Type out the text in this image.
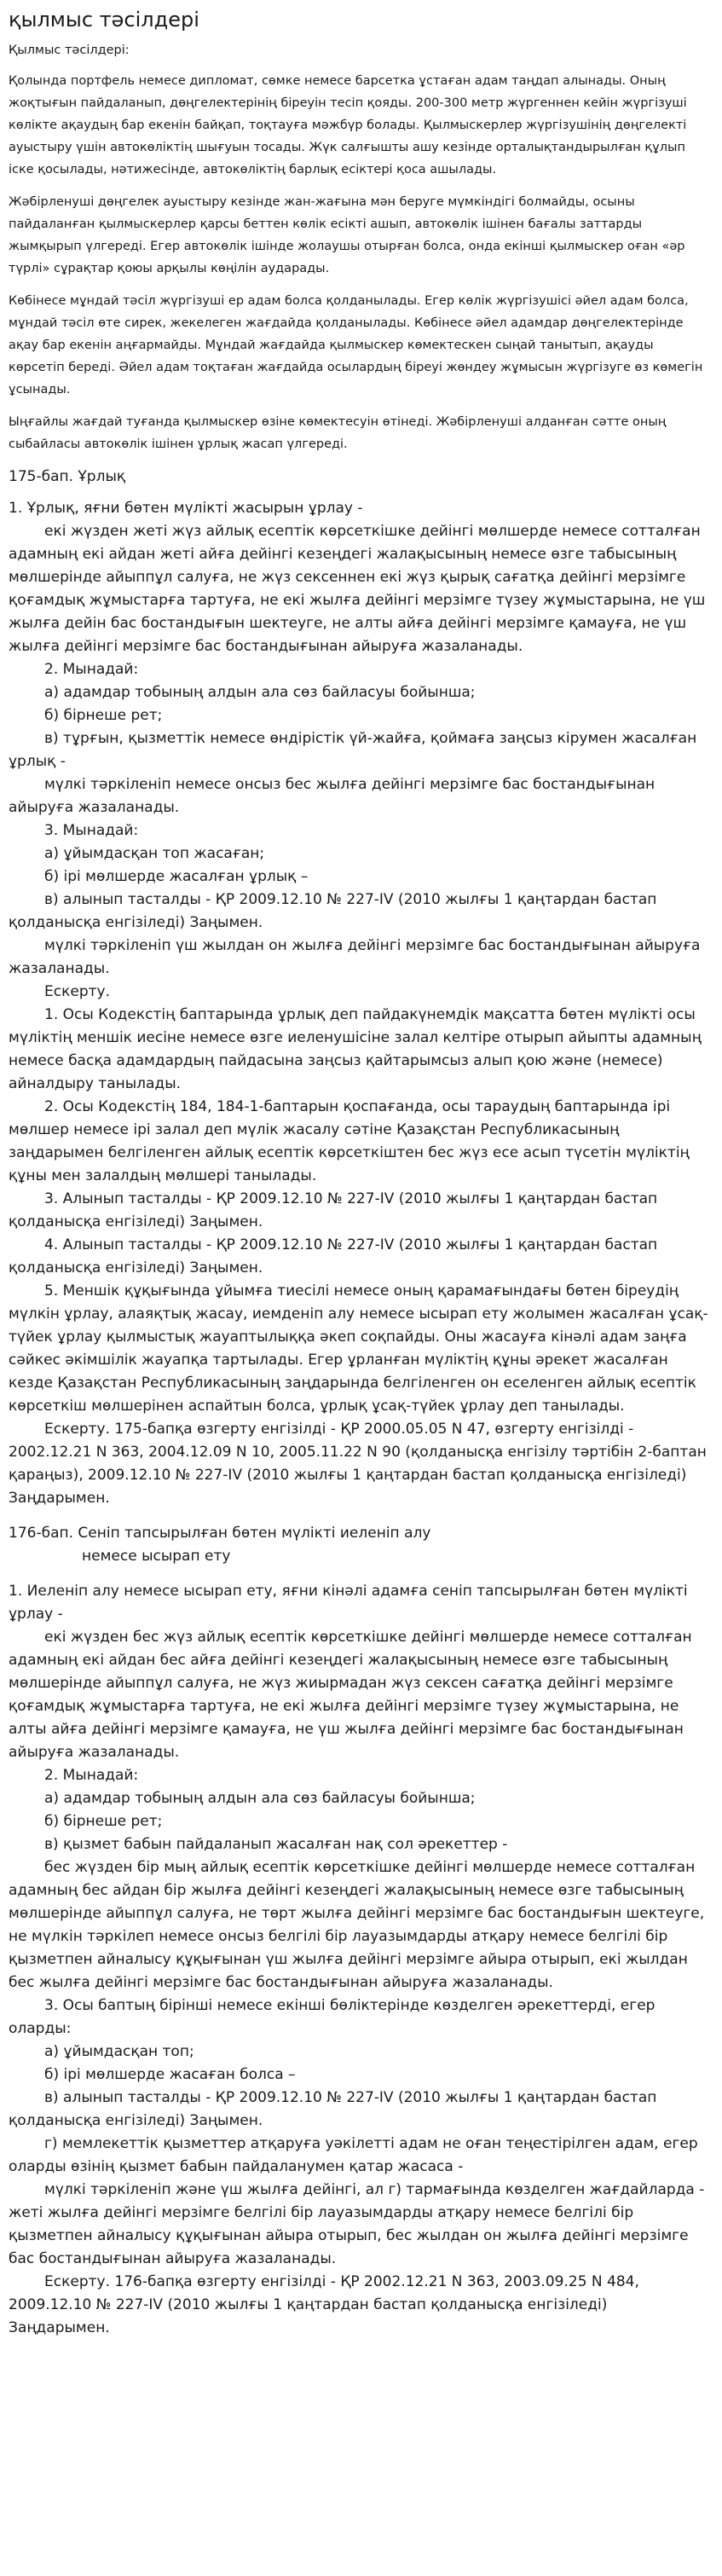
қылмыс тәсілдері

Қылмыс тәсілдері:

Қолында портфель немесе дипломат, сөмке немесе барсетка ұстаған адам таңдап алынады. Оның жоқтығын пайдаланып, дөңгелектерінің біреуін тесіп қояды. 200-300 метр жүргеннен кейін жүргізуші көлікте ақаудың бар екенін байқап, тоқтауға мәжбүр болады. Қылмыскерлер жүргізушінің дөңгелекті ауыстыру үшін автокөліктің шығуын тосады. Жүк салғышты ашу кезінде орталықтандырылған құлып іске қосылады, нәтижесінде, автокөліктің барлық есіктері қоса ашылады.

Жәбірленуші дөңгелек ауыстыру кезінде жан-жағына мән беруге мүмкіндігі болмайды, осыны пайдаланған қылмыскерлер қарсы беттен көлік есікті ашып, автокөлік ішінен бағалы заттарды жымқырып үлгереді. Егер автокөлік ішінде жолаушы отырған болса, онда екінші қылмыскер оған «әр түрлі» сұрақтар қоюы арқылы көңілін аударады.

Көбінесе мұндай тәсіл жүргізуші ер адам болса қолданылады. Егер көлік жүргізушісі әйел адам болса, мұндай тәсіл өте сирек, жекелеген жағдайда қолданылады. Көбінесе әйел адамдар дөңгелектерінде ақау бар екенін аңғармайды. Мұндай жағдайда қылмыскер көмектескен сыңай танытып, ақауды көрсетіп береді. Әйел адам тоқтаған жағдайда осылардың біреуі жөндеу жұмысын жүргізуге өз көмегін ұсынады.

Ыңғайлы жағдай туғанда қылмыскер өзіне көмектесуін өтінеді. Жәбірленуші алданған сәтте оның сыбайласы автокөлік ішінен ұрлық жасап үлгереді.

175-бап. Ұрлық

1. Ұрлық, яғни бөтен мүлікті жасырын ұрлау -

екі жүзден жеті жүз айлық есептік көрсеткішке дейінгі мөлшерде немесе сотталған адамның екі айдан жеті айға дейінгі кезеңдегі жалақысының немесе өзге табысының мөлшерінде айыппұл салуға, не жүз сексеннен екі жүз қырық сағатқа дейінгі мерзімге қоғамдық жұмыстарға тартуға, не екі жылға дейінгі мерзімге түзеу жұмыстарына, не үш жылға дейін бас бостандығын шектеуге, не алты айға дейінгі мерзімге қамауға, не үш жылға дейінгі мерзімге бас бостандығынан айыруға жазаланады.

2. Мынадай:

а) адамдар тобының алдын ала сөз байласуы бойынша;

б) бірнеше рет;

в) тұрғын, қызметтік немесе өндірістік үй-жайға, қоймаға заңсыз кірумен жасалған ұрлық -

мүлкі тәркіленіп немесе онсыз бес жылға дейінгі мерзімге бас бостандығынан айыруға жазаланады.

3. Мынадай:

а) ұйымдасқан топ жасаған;

б) ірі мөлшерде жасалған ұрлық –

в) алынып тасталды - ҚР 2009.12.10 № 227-IV (2010 жылғы 1 қаңтардан бастап қолданысқа енгізіледі) Заңымен.

мүлкі тәркіленіп үш жылдан он жылға дейінгі мерзімге бас бостандығынан айыруға жазаланады.

Ескерту.

1. Осы Кодекстің баптарында ұрлық деп пайдакүнемдік мақсатта бөтен мүлікті осы мүліктің меншік иесіне немесе өзге иеленушісіне залал келтіре отырып айыпты адамның немесе басқа адамдардың пайдасына заңсыз қайтарымсыз алып қою және (немесе) айналдыру танылады.

2. Осы Кодекстің 184, 184-1-баптарын қоспағанда, осы тараудың баптарында ірі мөлшер немесе ірі залал деп мүлік жасалу сәтіне Қазақстан Республикасының заңдарымен белгіленген айлық есептік көрсеткіштен бес жүз есе асып түсетін мүліктің құны мен залалдың мөлшері танылады.

3. Алынып тасталды - ҚР 2009.12.10 № 227-IV (2010 жылғы 1 қаңтардан бастап қолданысқа енгізіледі) Заңымен.

4. Алынып тасталды - ҚР 2009.12.10 № 227-IV (2010 жылғы 1 қаңтардан бастап қолданысқа енгізіледі) Заңымен.

5. Меншік құқығында ұйымға тиесілі немесе оның қарамағындағы бөтен біреудің мүлкін ұрлау, алаяқтық жасау, иемденіп алу немесе ысырап ету жолымен жасалған ұсақ-түйек ұрлау қылмыстық жауаптылыққа әкеп соқпайды. Оны жасауға кінәлі адам заңға сәйкес әкімшілік жауапқа тартылады. Егер ұрланған мүліктің құны әрекет жасалған кезде Қазақстан Республикасының заңдарында белгіленген он еселенген айлық есептік көрсеткіш мөлшерінен аспайтын болса, ұрлық ұсақ-түйек ұрлау деп танылады.

Ескерту. 175-бапқа өзгерту енгізілді - ҚР 2000.05.05 N 47, өзгерту енгізілді - 2002.12.21 N 363, 2004.12.09 N 10, 2005.11.22 N 90 (қолданысқа енгізілу тәртібін 2-баптан қараңыз), 2009.12.10 № 227-IV (2010 жылғы 1 қаңтардан бастап қолданысқа енгізіледі) Заңдарымен.

176-бап. Сеніп тапсырылған бөтен мүлікті иеленіп алу

немесе ысырап ету

1. Иеленіп алу немесе ысырап ету, яғни кінәлі адамға сеніп тапсырылған бөтен мүлікті ұрлау -

екі жүзден бес жүз айлық есептік көрсеткішке дейінгі мөлшерде немесе сотталған адамның екі айдан бес айға дейінгі кезеңдегі жалақысының немесе өзге табысының мөлшерінде айыппұл салуға, не жүз жиырмадан жүз сексен сағатқа дейінгі мерзімге қоғамдық жұмыстарға тартуға, не екі жылға дейінгі мерзімге түзеу жұмыстарына, не алты айға дейінгі мерзімге қамауға, не үш жылға дейінгі мерзімге бас бостандығынан айыруға жазаланады.

2. Мынадай:

а) адамдар тобының алдын ала сөз байласуы бойынша;

б) бірнеше рет;

в) қызмет бабын пайдаланып жасалған нақ сол әрекеттер -

бес жүзден бір мың айлық есептік көрсеткішке дейінгі мөлшерде немесе сотталған адамның бес айдан бір жылға дейінгі кезеңдегі жалақысының немесе өзге табысының мөлшерінде айыппұл салуға, не төрт жылға дейінгі мерзімге бас бостандығын шектеуге, не мүлкін тәркілеп немесе онсыз белгілі бір лауазымдарды атқару немесе белгілі бір қызметпен айналысу құқығынан үш жылға дейінгі мерзімге айыра отырып, екі жылдан бес жылға дейінгі мерзімге бас бостандығынан айыруға жазаланады.

3. Осы баптың бірінші немесе екінші бөліктерінде көзделген әрекеттерді, егер оларды:

а) ұйымдасқан топ;

б) ірі мөлшерде жасаған болса –

в) алынып тасталды - ҚР 2009.12.10 № 227-IV (2010 жылғы 1 қаңтардан бастап қолданысқа енгізіледі) Заңымен.

г) мемлекеттік қызметтер атқаруға уәкілетті адам не оған теңестірілген адам, егер оларды өзінің қызмет бабын пайдаланумен қатар жасаса -

мүлкі тәркіленіп және үш жылға дейінгі, ал г) тармағында көзделген жағдайларда - жеті жылға дейінгі мерзімге белгілі бір лауазымдарды атқару немесе белгілі бір қызметпен айналысу құқығынан айыра отырып, бес жылдан он жылға дейінгі мерзімге бас бостандығынан айыруға жазаланады.

Ескерту. 176-бапқа өзгерту енгізілді - ҚР 2002.12.21 N 363, 2003.09.25 N 484, 2009.12.10 № 227-IV (2010 жылғы 1 қаңтардан бастап қолданысқа енгізіледі) Заңдарымен.
